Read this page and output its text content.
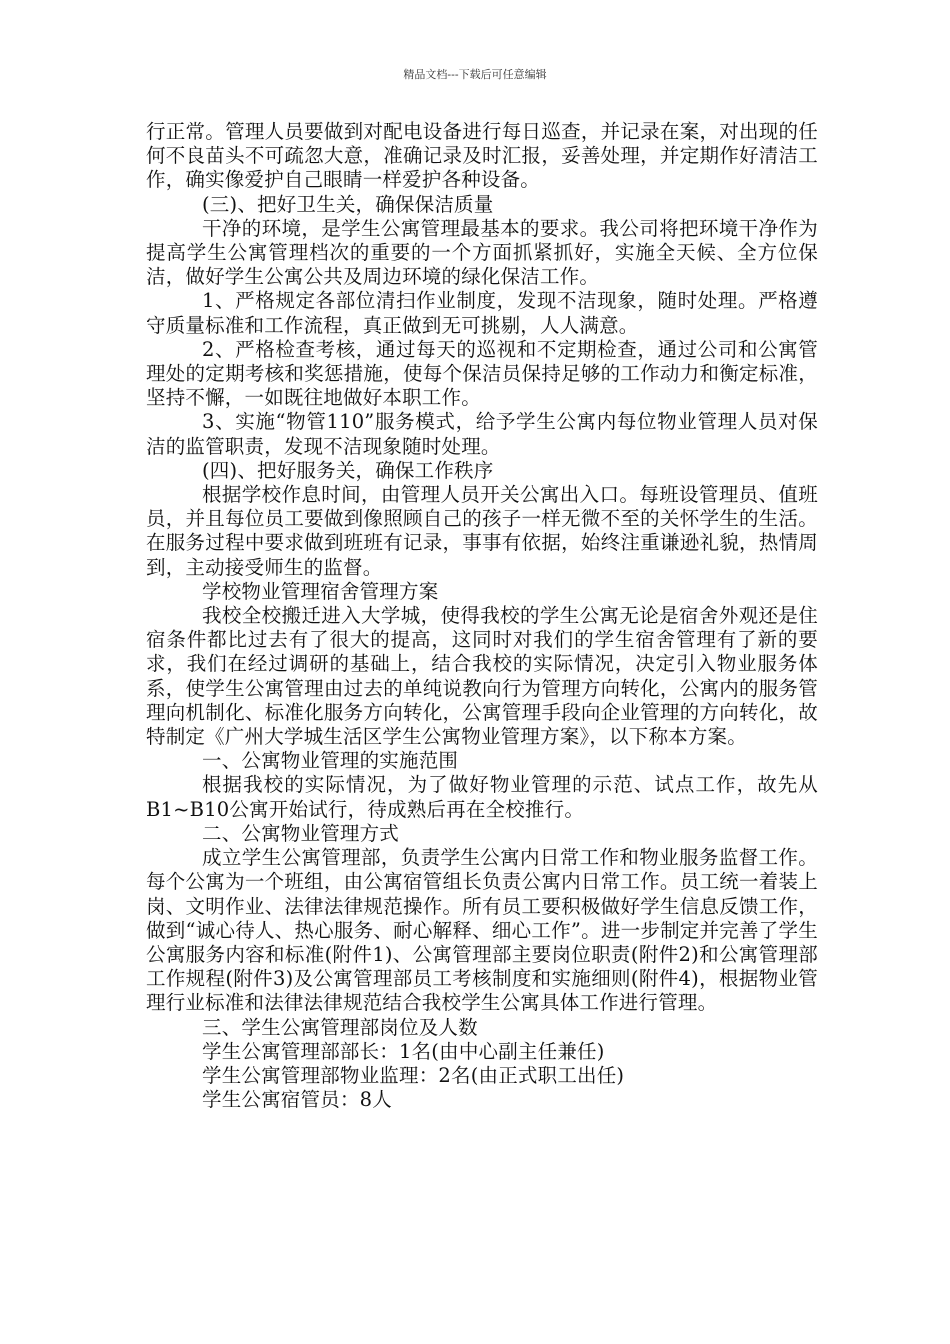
精品文档---下载后可任意编辑

行正常。管理人员要做到对配电设备进行每日巡查，并记录在案，对出现的任何不良苗头不可疏忽大意，准确记录及时汇报，妥善处理，并定期作好清洁工作，确实像爱护自己眼睛一样爱护各种设备。

(三)、把好卫生关，确保保洁质量

干净的环境，是学生公寓管理最基本的要求。我公司将把环境干净作为提高学生公寓管理档次的重要的一个方面抓紧抓好，实施全天候、全方位保洁，做好学生公寓公共及周边环境的绿化保洁工作。

1、严格规定各部位清扫作业制度，发现不洁现象，随时处理。严格遵守质量标准和工作流程，真正做到无可挑剔，人人满意。

2、严格检查考核，通过每天的巡视和不定期检查，通过公司和公寓管理处的定期考核和奖惩措施，使每个保洁员保持足够的工作动力和衡定标准，坚持不懈，一如既往地做好本职工作。

3、实施“物管110”服务模式，给予学生公寓内每位物业管理人员对保洁的监管职责，发现不洁现象随时处理。

(四)、把好服务关，确保工作秩序

根据学校作息时间，由管理人员开关公寓出入口。每班设管理员、值班员，并且每位员工要做到像照顾自己的孩子一样无微不至的关怀学生的生活。在服务过程中要求做到班班有记录，事事有依据，始终注重谦逊礼貌，热情周到，主动接受师生的监督。

学校物业管理宿舍管理方案

我校全校搬迁进入大学城，使得我校的学生公寓无论是宿舍外观还是住宿条件都比过去有了很大的提高，这同时对我们的学生宿舍管理有了新的要求，我们在经过调研的基础上，结合我校的实际情况，决定引入物业服务体系，使学生公寓管理由过去的单纯说教向行为管理方向转化，公寓内的服务管理向机制化、标准化服务方向转化，公寓管理手段向企业管理的方向转化，故特制定《广州大学城生活区学生公寓物业管理方案》，以下称本方案。

一、公寓物业管理的实施范围

根据我校的实际情况，为了做好物业管理的示范、试点工作，故先从B1~B10公寓开始试行，待成熟后再在全校推行。

二、公寓物业管理方式

成立学生公寓管理部，负责学生公寓内日常工作和物业服务监督工作。每个公寓为一个班组，由公寓宿管组长负责公寓内日常工作。员工统一着装上岗、文明作业、法律法律规范操作。所有员工要积极做好学生信息反馈工作，做到“诚心待人、热心服务、耐心解释、细心工作”。进一步制定并完善了学生公寓服务内容和标准(附件1)、公寓管理部主要岗位职责(附件2)和公寓管理部工作规程(附件3)及公寓管理部员工考核制度和实施细则(附件4)，根据物业管理行业标准和法律法律规范结合我校学生公寓具体工作进行管理。

三、学生公寓管理部岗位及人数

学生公寓管理部部长：1名(由中心副主任兼任)

学生公寓管理部物业监理：2名(由正式职工出任)

学生公寓宿管员：8人
